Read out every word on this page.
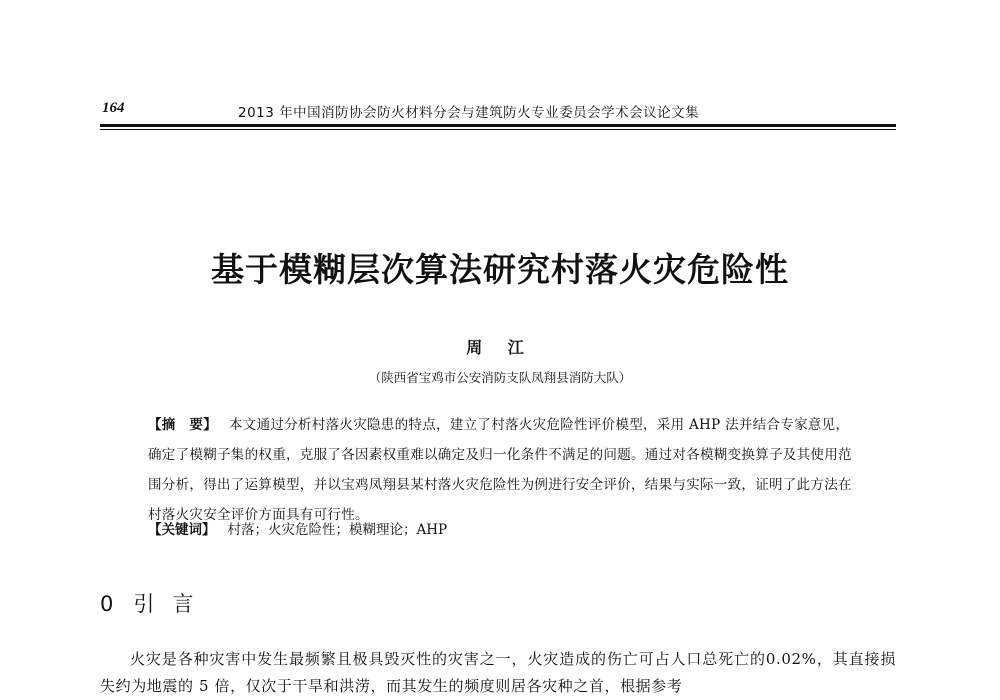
164	2013 年中国消防协会防火材料分会与建筑防火专业委员会学术会议论文集
基于模糊层次算法研究村落火灾危险性
周 江
（陕西省宝鸡市公安消防支队凤翔县消防大队）
【摘　要】 本文通过分析村落火灾隐患的特点，建立了村落火灾危险性评价模型，采用 AHP 法并结合专家意见，确定了模糊子集的权重，克服了各因素权重难以确定及归一化条件不满足的问题。通过对各模糊变换算子及其使用范围分析，得出了运算模型，并以宝鸡凤翔县某村落火灾危险性为例进行安全评价，结果与实际一致，证明了此方法在村落火灾安全评价方面具有可行性。
【关键词】 村落；火灾危险性；模糊理论；AHP
0 引言
火灾是各种灾害中发生最频繁且极具毁灭性的灾害之一，火灾造成的伤亡可占人口总死亡的0.02%，其直接损失约为地震的 5 倍，仅次于干旱和洪涝，而其发生的频度则居各灾种之首，根据参考
